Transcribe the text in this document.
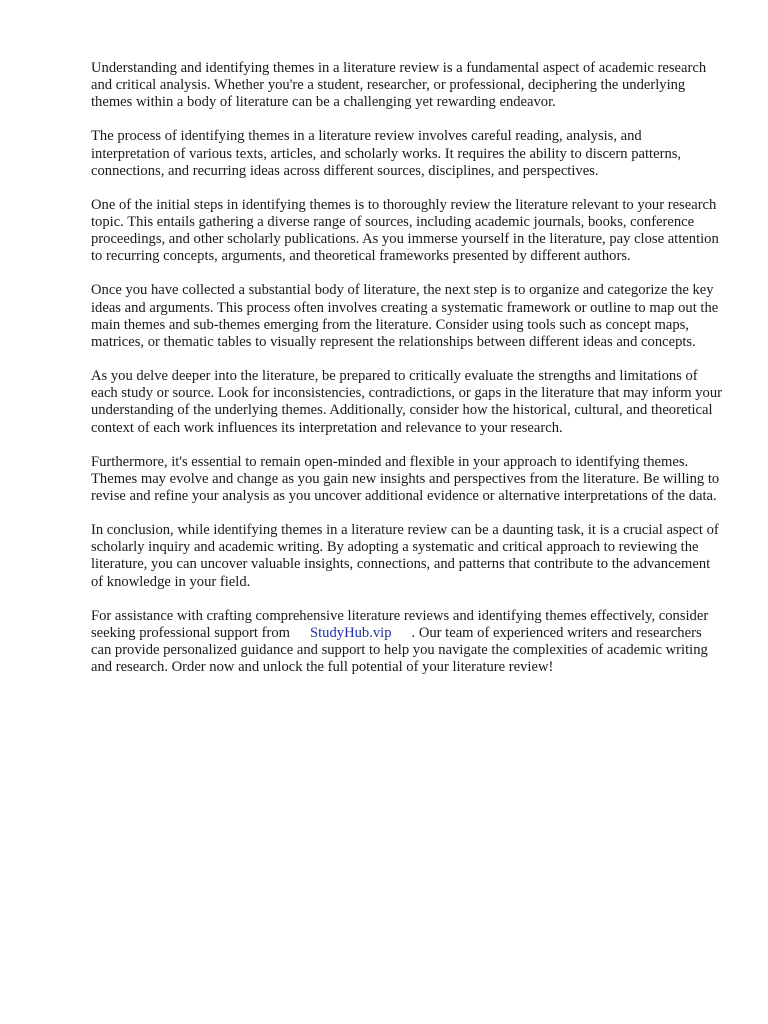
Understanding and identifying themes in a literature review is a fundamental aspect of academic research and critical analysis. Whether you're a student, researcher, or professional, deciphering the underlying themes within a body of literature can be a challenging yet rewarding endeavor.

The process of identifying themes in a literature review involves careful reading, analysis, and interpretation of various texts, articles, and scholarly works. It requires the ability to discern patterns, connections, and recurring ideas across different sources, disciplines, and perspectives.

One of the initial steps in identifying themes is to thoroughly review the literature relevant to your research topic. This entails gathering a diverse range of sources, including academic journals, books, conference proceedings, and other scholarly publications. As you immerse yourself in the literature, pay close attention to recurring concepts, arguments, and theoretical frameworks presented by different authors.

Once you have collected a substantial body of literature, the next step is to organize and categorize the key ideas and arguments. This process often involves creating a systematic framework or outline to map out the main themes and sub-themes emerging from the literature. Consider using tools such as concept maps, matrices, or thematic tables to visually represent the relationships between different ideas and concepts.

As you delve deeper into the literature, be prepared to critically evaluate the strengths and limitations of each study or source. Look for inconsistencies, contradictions, or gaps in the literature that may inform your understanding of the underlying themes. Additionally, consider how the historical, cultural, and theoretical context of each work influences its interpretation and relevance to your research.

Furthermore, it's essential to remain open-minded and flexible in your approach to identifying themes. Themes may evolve and change as you gain new insights and perspectives from the literature. Be willing to revise and refine your analysis as you uncover additional evidence or alternative interpretations of the data.

In conclusion, while identifying themes in a literature review can be a daunting task, it is a crucial aspect of scholarly inquiry and academic writing. By adopting a systematic and critical approach to reviewing the literature, you can uncover valuable insights, connections, and patterns that contribute to the advancement of knowledge in your field.

For assistance with crafting comprehensive literature reviews and identifying themes effectively, consider seeking professional support from StudyHub.vip . Our team of experienced writers and researchers can provide personalized guidance and support to help you navigate the complexities of academic writing and research. Order now and unlock the full potential of your literature review!
